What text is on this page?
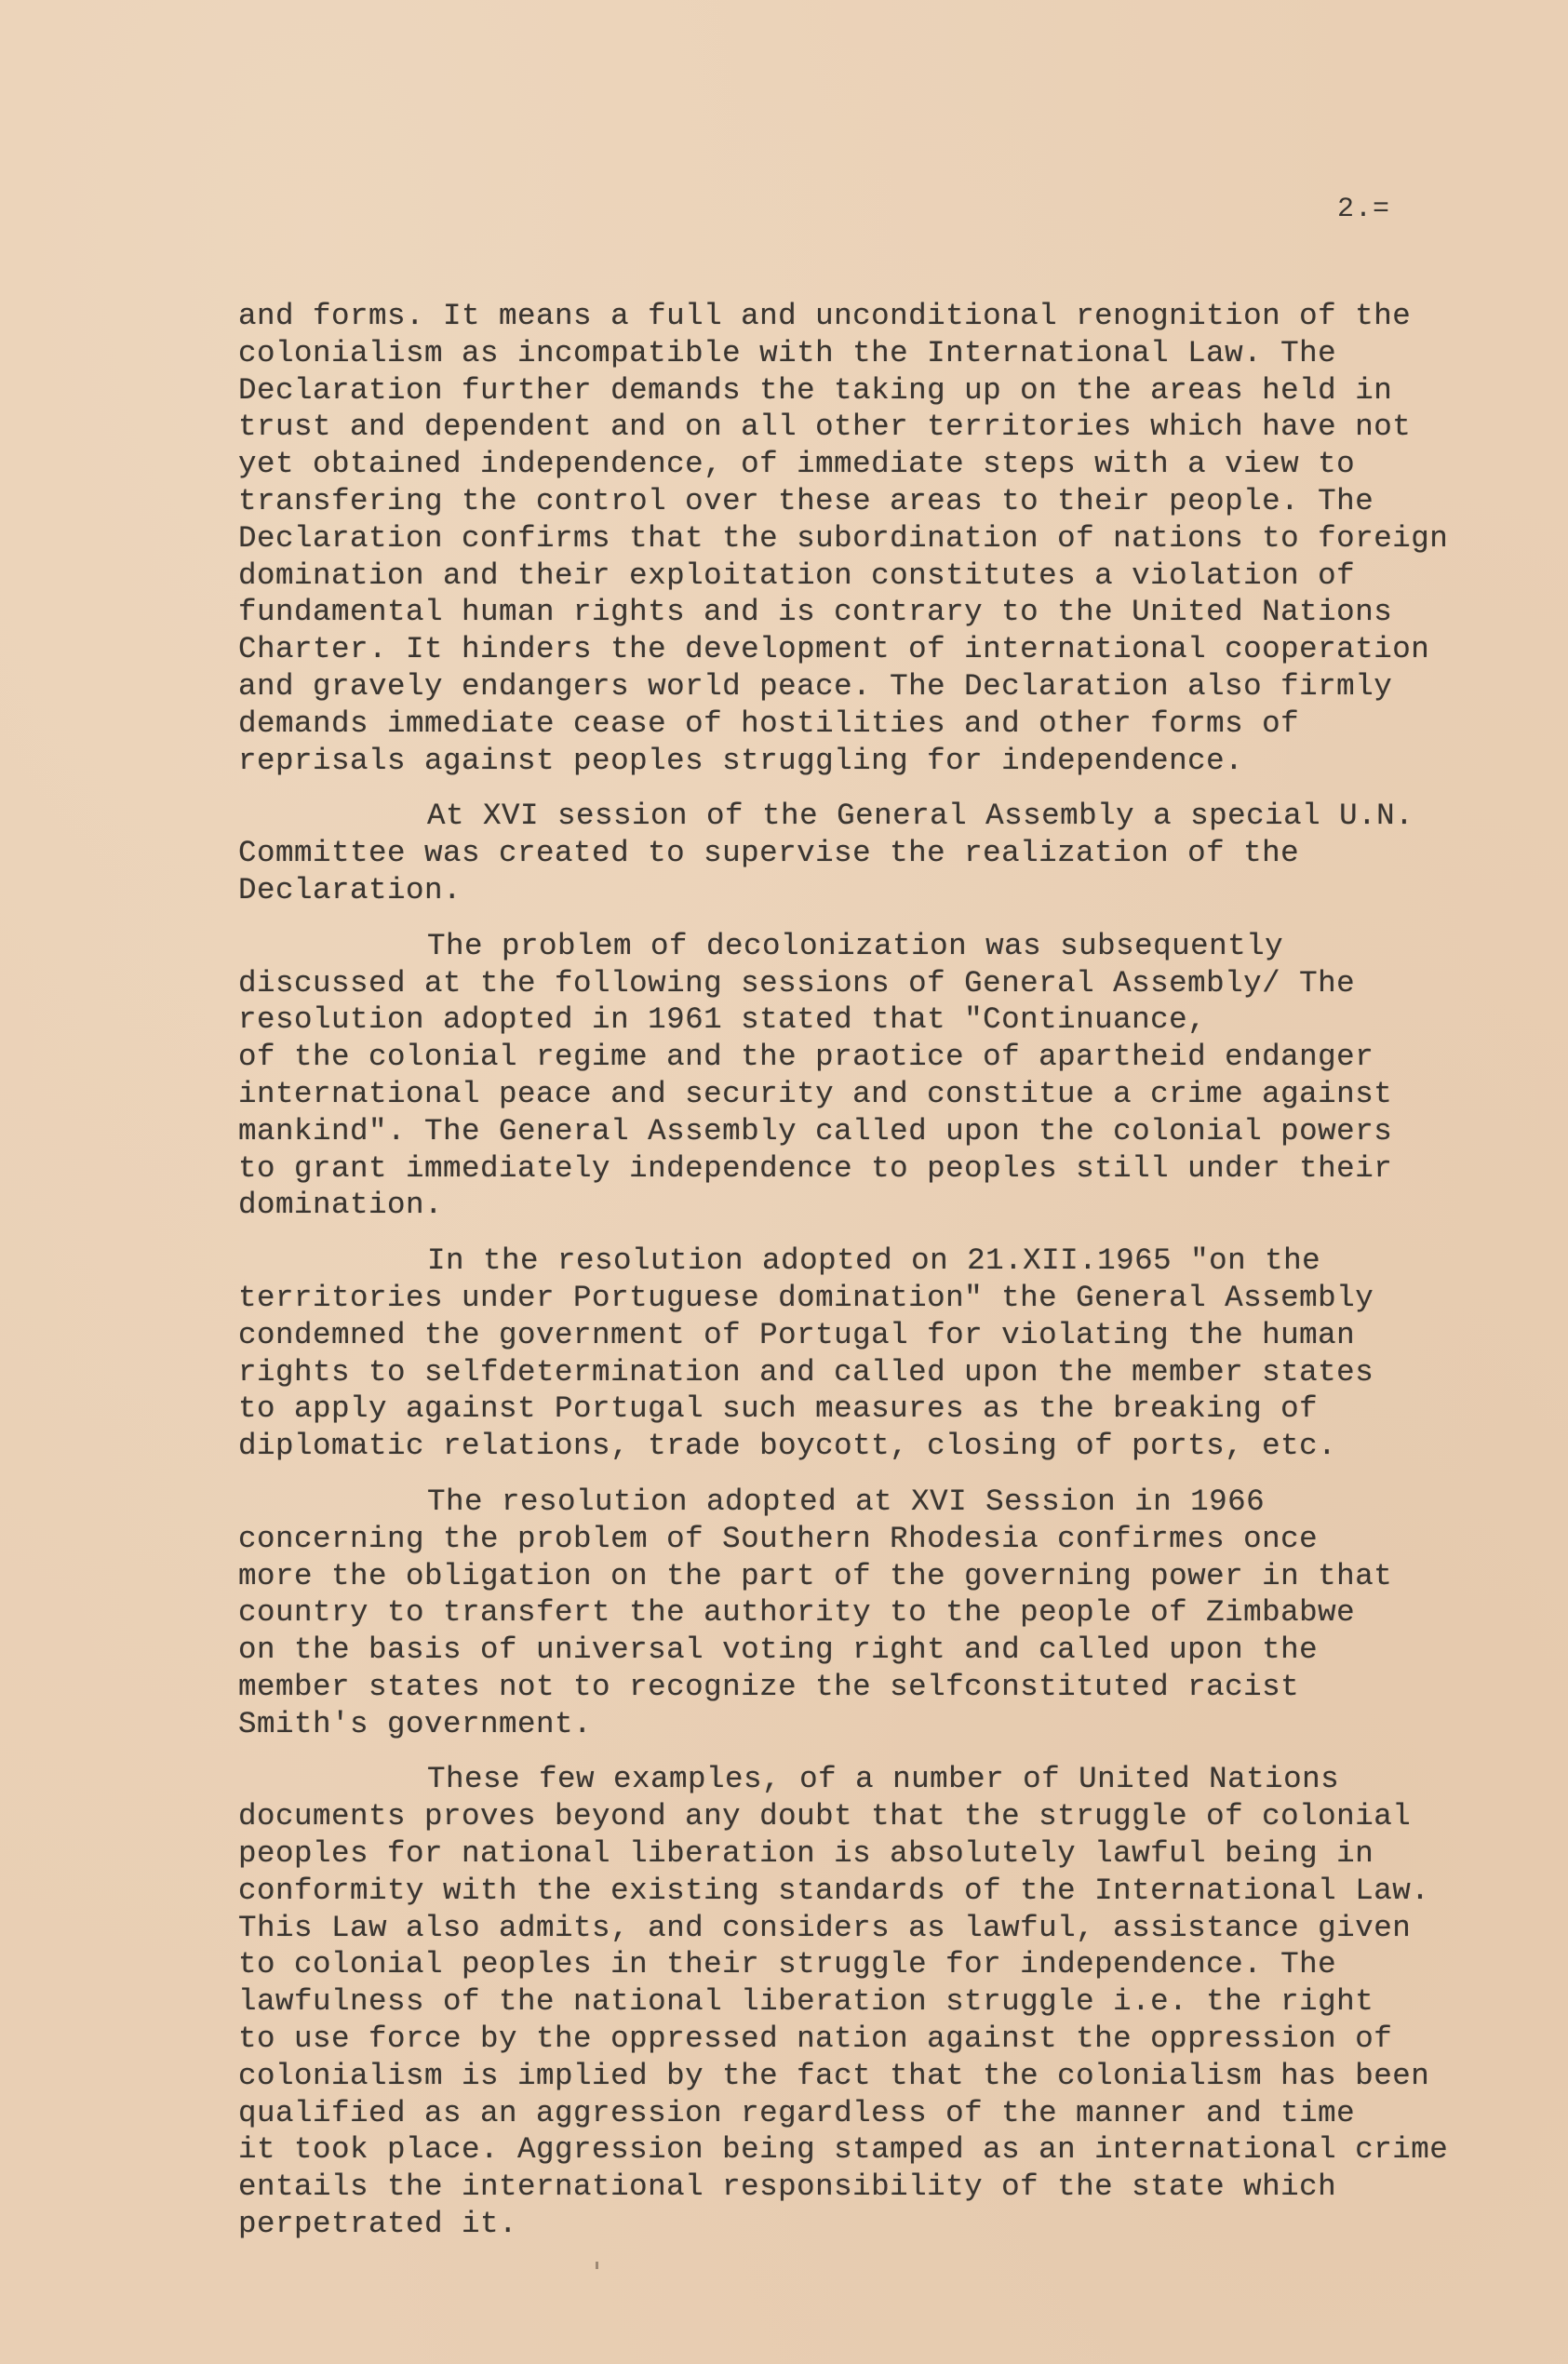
2.=
and forms. It means a full and unconditional renognition of the
colonialism as incompatible with the International Law. The
Declaration further demands the taking up on the areas held in
trust and dependent and on all other territories which have not
yet obtained independence, of immediate steps with a view to
transfering the control over these areas to their people. The
Declaration confirms that the subordination of nations to foreign
domination and their exploitation constitutes a violation of
fundamental human rights and is contrary to the United Nations
Charter. It hinders the development of international cooperation
and gravely endangers world peace. The Declaration also firmly
demands immediate cease of hostilities and other forms of
reprisals against peoples struggling for independence.
At XVI session of the General Assembly a special U.N.
Committee was created to supervise the realization of the
Declaration.
The problem of decolonization was subsequently
discussed at the following sessions of General Assembly/ The
resolution adopted in 1961 stated that "Continuance,
of the colonial regime and the praotice of apartheid endanger
international peace and security and constitue a crime against
mankind". The General Assembly called upon the colonial powers
to grant immediately independence to peoples still under their
domination.
In the resolution adopted on 21.XII.1965 "on the
territories under Portuguese domination" the General Assembly
condemned the government of Portugal for violating the human
rights to selfdetermination and called upon the member states
to apply against Portugal such measures as the breaking of
diplomatic relations, trade boycott, closing of ports, etc.
The resolution adopted at XVI Session in 1966
concerning the problem of Southern Rhodesia confirmes once
more the obligation on the part of the governing power in that
country to transfert the authority to the people of Zimbabwe
on the basis of universal voting right and called upon the
member states not to recognize the selfconstituted racist
Smith's government.
These few examples, of a number of United Nations
documents proves beyond any doubt that the struggle of colonial
peoples for national liberation is absolutely lawful being in
conformity with the existing standards of the International Law.
This Law also admits, and considers as lawful, assistance given
to colonial peoples in their struggle for independence. The
lawfulness of the national liberation struggle i.e. the right
to use force by the oppressed nation against the oppression of
colonialism is implied by the fact that the colonialism has been
qualified as an aggression regardless of the manner and time
it took place. Aggression being stamped as an international crime
entails the international responsibility of the state which
perpetrated it.
